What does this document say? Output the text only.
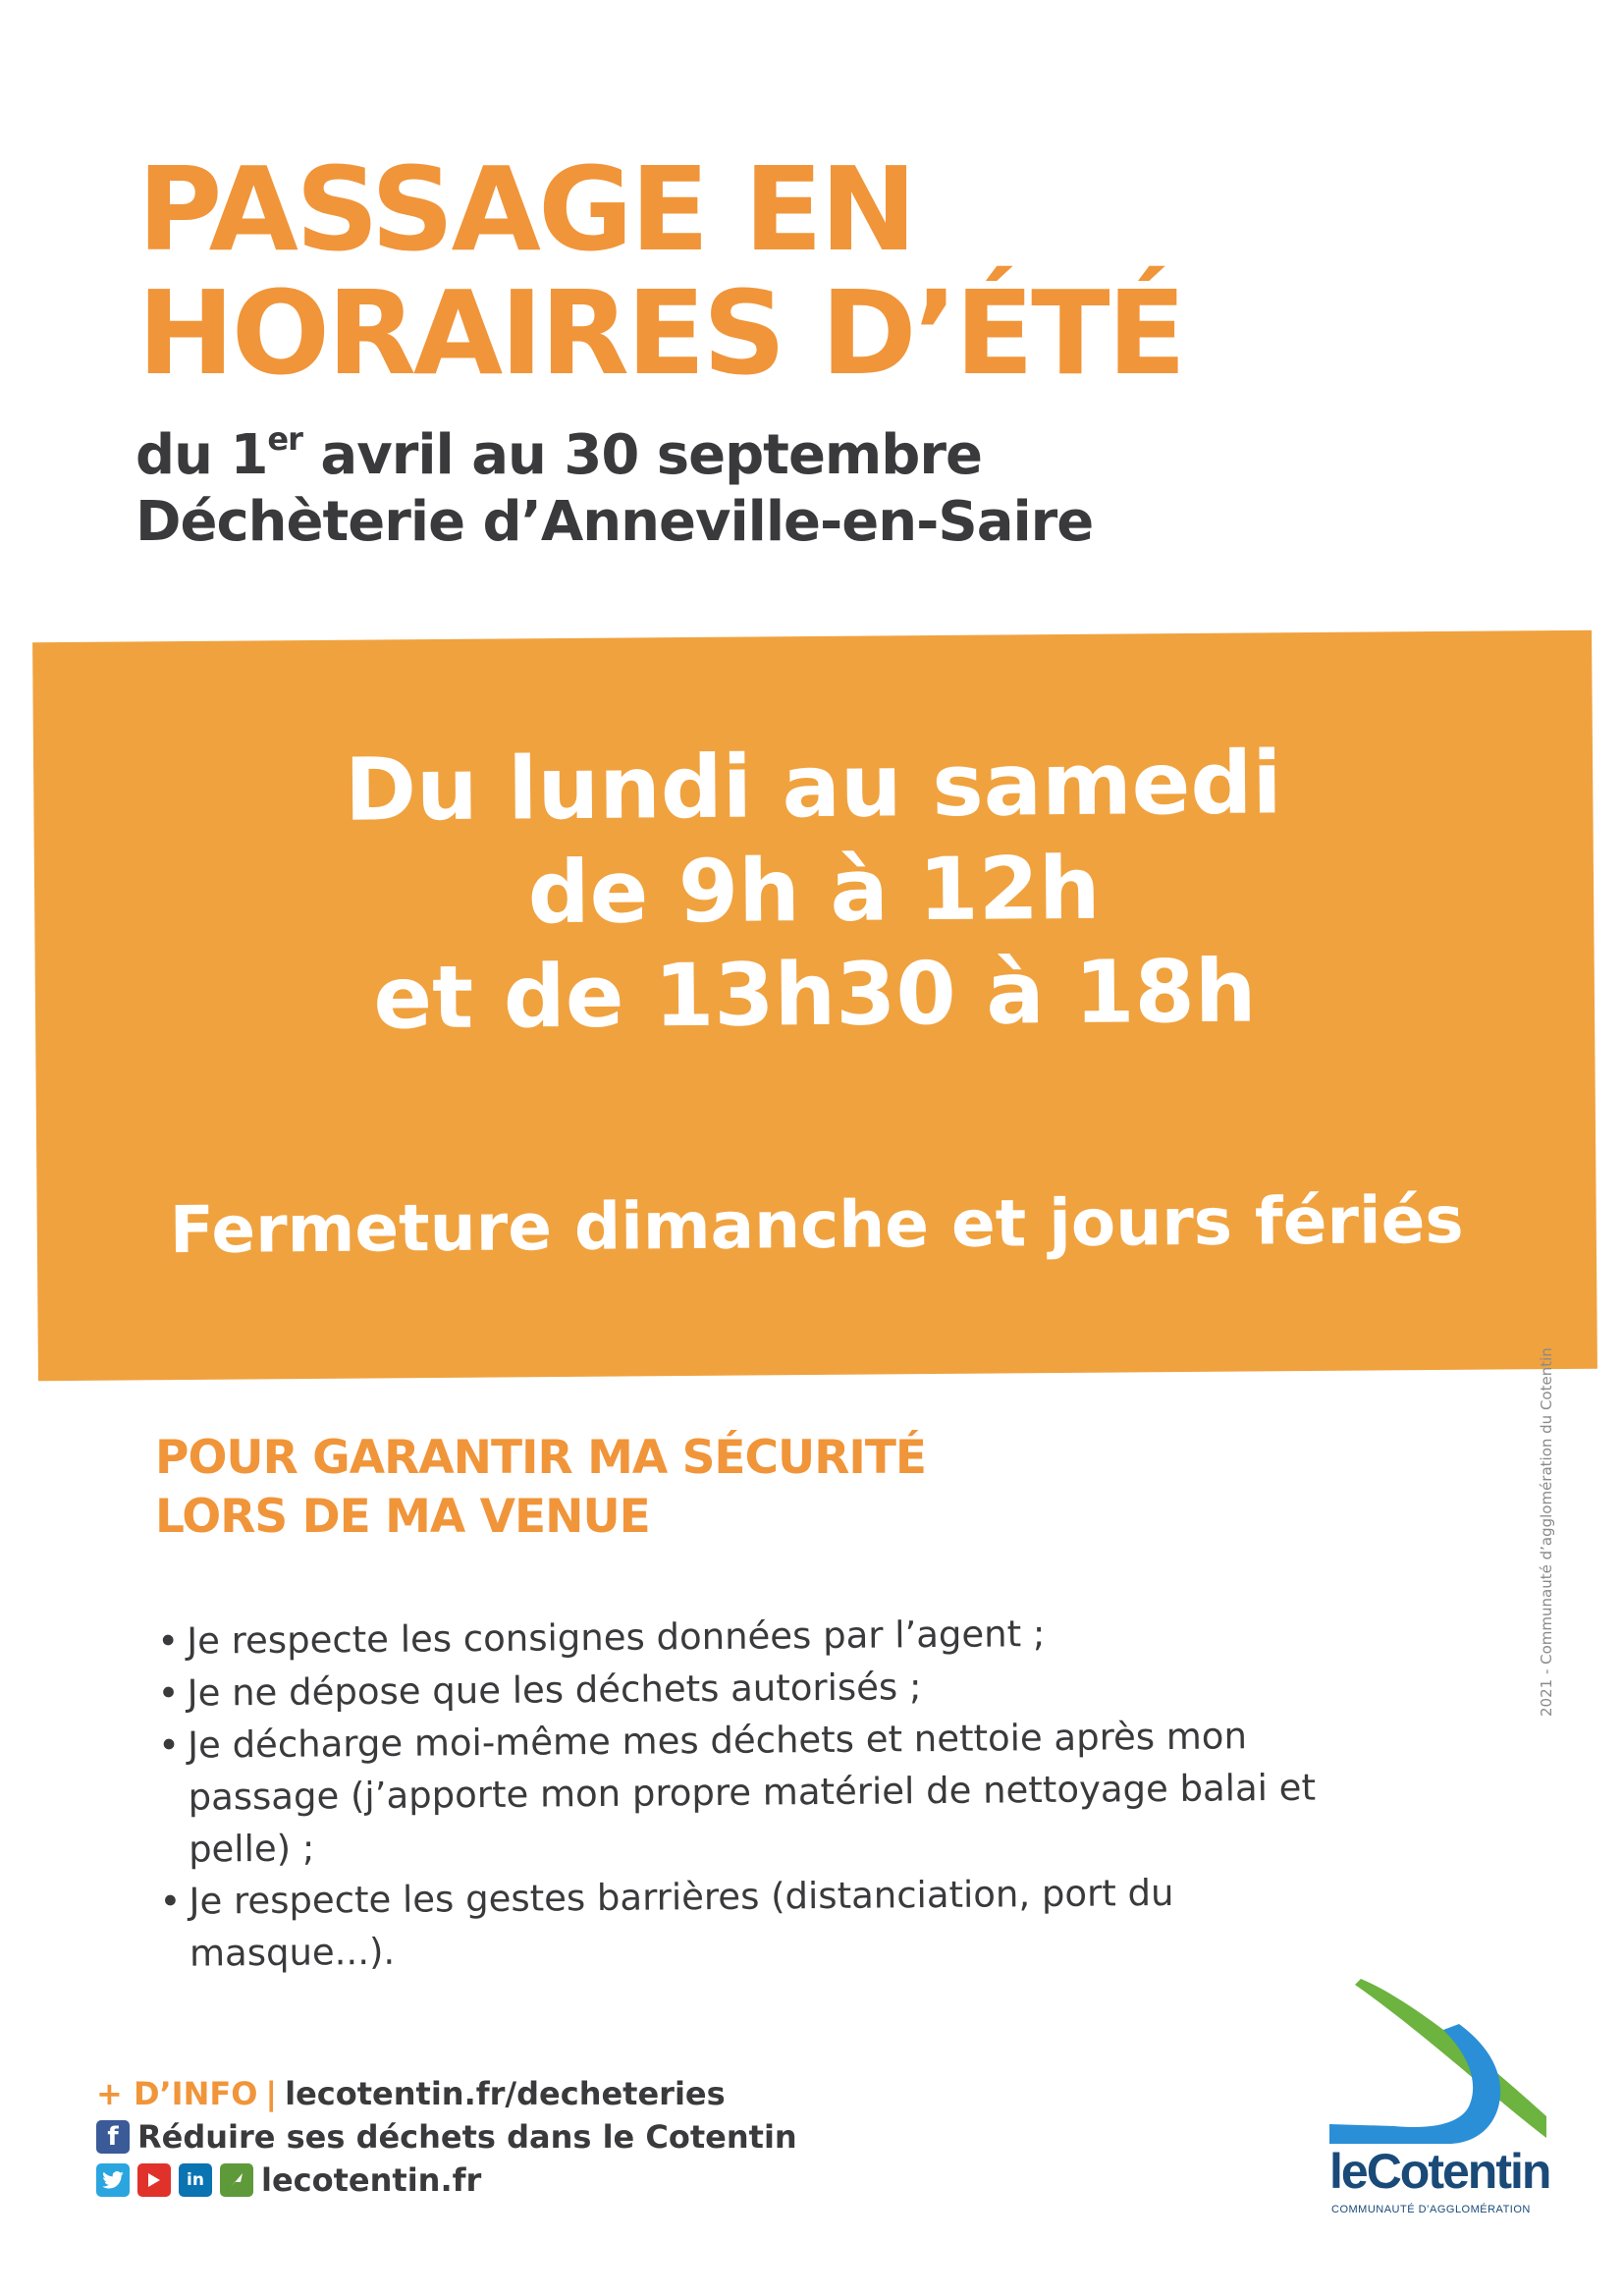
PASSAGE EN
HORAIRES D’ÉTÉ
du 1er avril au 30 septembre
Déchèterie d’Anneville-en-Saire
Du lundi au samedi
de 9h à 12h
et de 13h30 à 18h
Fermeture dimanche et jours fériés
2021 - Communauté d’agglomération du Cotentin
POUR GARANTIR MA SÉCURITÉ
LORS DE MA VENUE
• Je respecte les consignes données par l’agent ;
• Je ne dépose que les déchets autorisés ;
• Je décharge moi-même mes déchets et nettoie après mon passage (j’apporte mon propre matériel de nettoyage balai et pelle) ;
• Je respecte les gestes barrières (distanciation, port du masque...).
+ D’INFO | lecotentin.fr/decheteries
f Réduire ses déchets dans le Cotentin
in lecotentin.fr	leCotentin
COMMUNAUTÉ D’AGGLOMÉRATION
